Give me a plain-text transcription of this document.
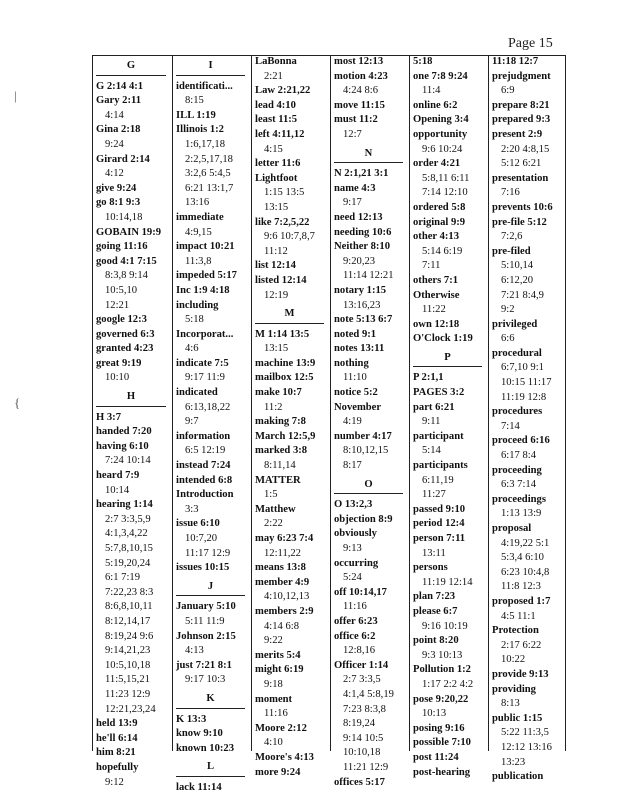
Page 15
|
{
G
G 2:14 4:1
Gary 2:11
4:14
Gina 2:18
9:24
Girard 2:14
4:12
give 9:24
go 8:1 9:3
10:14,18
GOBAIN 19:9
going 11:16
good 4:1 7:15
8:3,8 9:14
10:5,10
12:21
google 12:3
governed 6:3
granted 4:23
great 9:19
10:10
H
H 3:7
handed 7:20
having 6:10
7:24 10:14
heard 7:9
10:14
hearing 1:14
2:7 3:3,5,9
4:1,3,4,22
5:7,8,10,15
5:19,20,24
6:1 7:19
7:22,23 8:3
8:6,8,10,11
8:12,14,17
8:19,24 9:6
9:14,21,23
10:5,10,18
11:5,15,21
11:23 12:9
12:21,23,24
held 13:9
he'll 6:14
him 8:21
hopefully
9:12
I
identificati...
8:15
ILL 1:19
Illinois 1:2
1:6,17,18
2:2,5,17,18
3:2,6 5:4,5
6:21 13:1,7
13:16
immediate
4:9,15
impact 10:21
11:3,8
impeded 5:17
Inc 1:9 4:18
including
5:18
Incorporat...
4:6
indicate 7:5
9:17 11:9
indicated
6:13,18,22
9:7
information
6:5 12:19
instead 7:24
intended 6:8
Introduction
3:3
issue 6:10
10:7,20
11:17 12:9
issues 10:15
J
January 5:10
5:11 11:9
Johnson 2:15
4:13
just 7:21 8:1
9:17 10:3
K
K 13:3
know 9:10
known 10:23
L
lack 11:14
LaBonna
2:21
Law 2:21,22
lead 4:10
least 11:5
left 4:11,12
4:15
letter 11:6
Lightfoot
1:15 13:5
13:15
like 7:2,5,22
9:6 10:7,8,7
11:12
list 12:14
listed 12:14
12:19
M
M 1:14 13:5
13:15
machine 13:9
mailbox 12:5
make 10:7
11:2
making 7:8
March 12:5,9
marked 3:8
8:11,14
MATTER
1:5
Matthew
2:22
may 6:23 7:4
12:11,22
means 13:8
member 4:9
4:10,12,13
members 2:9
4:14 6:8
9:22
merits 5:4
might 6:19
9:18
moment
11:16
Moore 2:12
4:10
Moore's 4:13
more 9:24
most 12:13
motion 4:23
4:24 8:6
move 11:15
must 11:2
12:7
N
N 2:1,21 3:1
name 4:3
9:17
need 12:13
needing 10:6
Neither 8:10
9:20,23
11:14 12:21
notary 1:15
13:16,23
note 5:13 6:7
noted 9:1
notes 13:11
nothing
11:10
notice 5:2
November
4:19
number 4:17
8:10,12,15
8:17
O
O 13:2,3
objection 8:9
obviously
9:13
occurring
5:24
off 10:14,17
11:16
offer 6:23
office 6:2
12:8,16
Officer 1:14
2:7 3:3,5
4:1,4 5:8,19
7:23 8:3,8
8:19,24
9:14 10:5
10:10,18
11:21 12:9
offices 5:17
5:18
one 7:8 9:24
11:4
online 6:2
Opening 3:4
opportunity
9:6 10:24
order 4:21
5:8,11 6:11
7:14 12:10
ordered 5:8
original 9:9
other 4:13
5:14 6:19
7:11
others 7:1
Otherwise
11:22
own 12:18
O'Clock 1:19
P
P 2:1,1
PAGES 3:2
part 6:21
9:11
participant
5:14
participants
6:11,19
11:27
passed 9:10
period 12:4
person 7:11
13:11
persons
11:19 12:14
plan 7:23
please 6:7
9:16 10:19
point 8:20
9:3 10:13
Pollution 1:2
1:17 2:2 4:2
pose 9:20,22
10:13
posing 9:16
possible 7:10
post 11:24
post-hearing
11:18 12:7
prejudgment
6:9
prepare 8:21
prepared 9:3
present 2:9
2:20 4:8,15
5:12 6:21
presentation
7:16
prevents 10:6
pre-file 5:12
7:2,6
pre-filed
5:10,14
6:12,20
7:21 8:4,9
9:2
privileged
6:6
procedural
6:7,10 9:1
10:15 11:17
11:19 12:8
procedures
7:14
proceed 6:16
6:17 8:4
proceeding
6:3 7:14
proceedings
1:13 13:9
proposal
4:19,22 5:1
5:3,4 6:10
6:23 10:4,8
11:8 12:3
proposed 1:7
4:5 11:1
Protection
2:17 6:22
10:22
provide 9:13
providing
8:13
public 1:15
5:22 11:3,5
12:12 13:16
13:23
publication
